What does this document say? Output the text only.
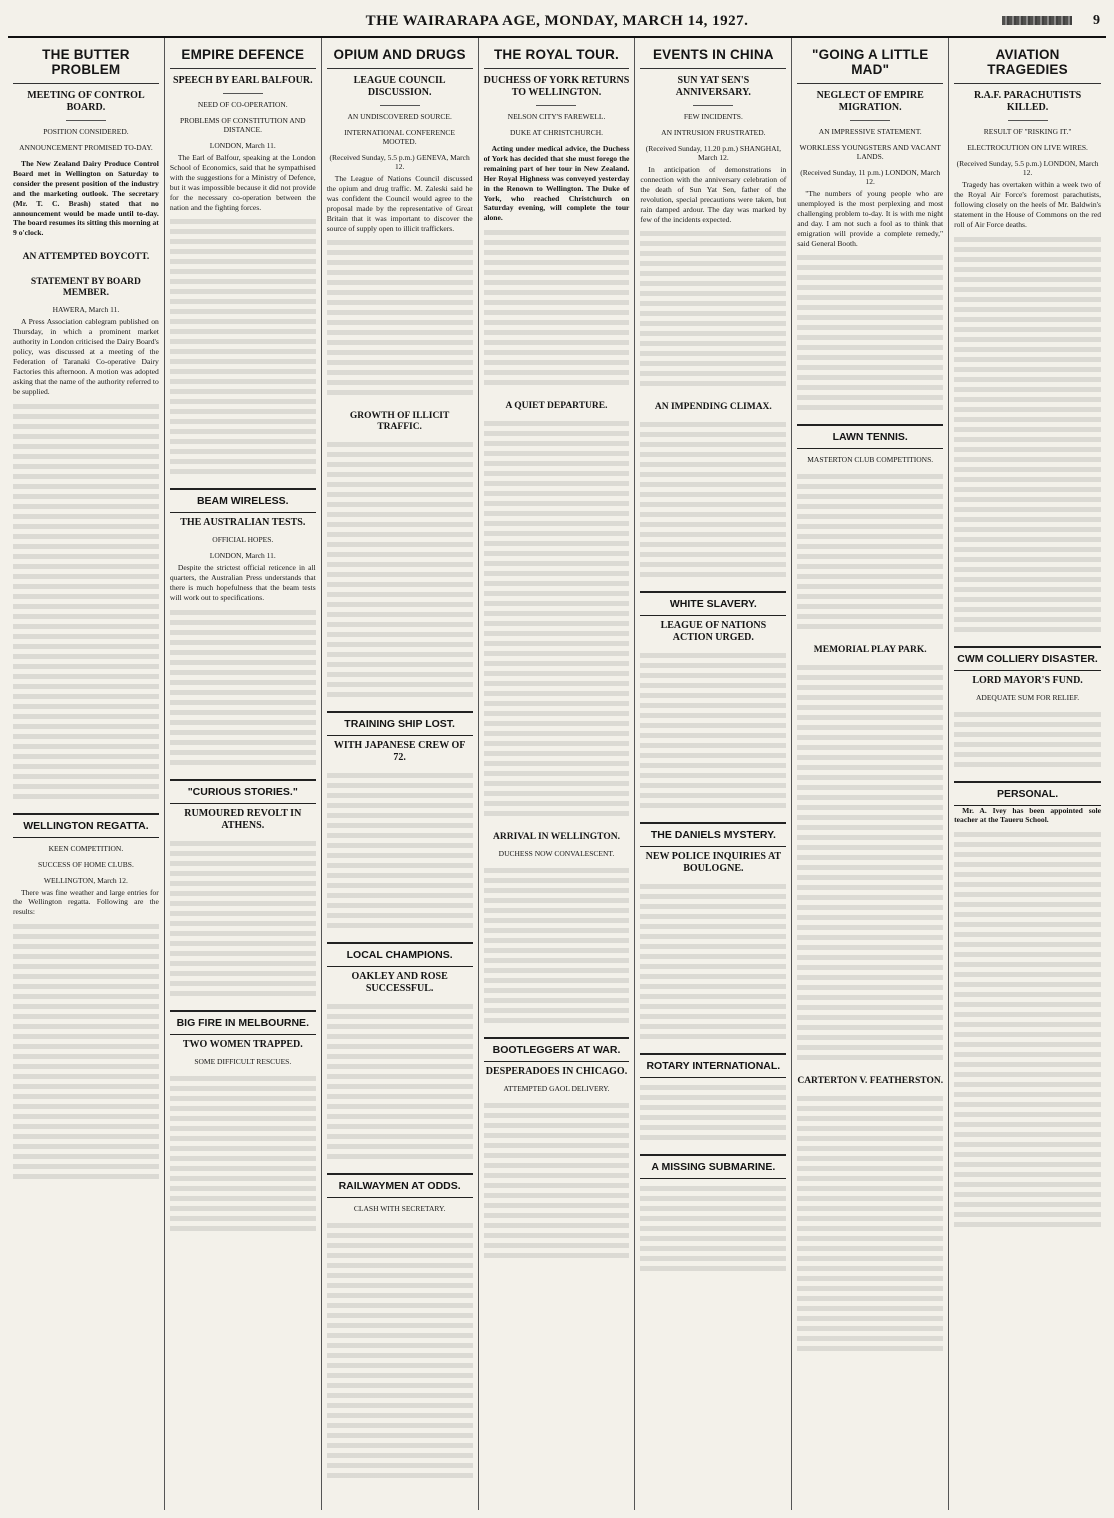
THE WAIRARAPA AGE, MONDAY, MARCH 14, 1927.	9
THE BUTTER PROBLEM
MEETING OF CONTROL BOARD.
POSITION CONSIDERED.
ANNOUNCEMENT PROMISED TO-DAY.
The New Zealand Dairy Produce Control Board met in Wellington on Saturday to consider the present position of the industry and the marketing outlook. The secretary (Mr. T. C. Brash) stated that no announcement would be made until to-day. The board resumes its sitting this morning at 9 o'clock.
AN ATTEMPTED BOYCOTT.
STATEMENT BY BOARD MEMBER.
HAWERA, March 11.
A Press Association cablegram published on Thursday, in which a prominent market authority in London criticised the Dairy Board's policy, was discussed at a meeting of the Federation of Taranaki Co-operative Dairy Factories this afternoon. A motion was adopted asking that the name of the authority referred to be supplied.
WELLINGTON REGATTA.
KEEN COMPETITION.
SUCCESS OF HOME CLUBS.
WELLINGTON, March 12.
There was fine weather and large entries for the Wellington regatta. Following are the results:
EMPIRE DEFENCE
SPEECH BY EARL BALFOUR.
NEED OF CO-OPERATION.
PROBLEMS OF CONSTITUTION AND DISTANCE.
LONDON, March 11.
The Earl of Balfour, speaking at the London School of Economics, said that he sympathised with the suggestions for a Ministry of Defence, but it was impossible because it did not provide for the necessary co-operation between the nation and the fighting forces.
BEAM WIRELESS.
THE AUSTRALIAN TESTS.
OFFICIAL HOPES.
LONDON, March 11.
Despite the strictest official reticence in all quarters, the Australian Press understands that there is much hopefulness that the beam tests will work out to specifications.
"CURIOUS STORIES."
RUMOURED REVOLT IN ATHENS.
BIG FIRE IN MELBOURNE.
TWO WOMEN TRAPPED.
SOME DIFFICULT RESCUES.
OPIUM AND DRUGS
LEAGUE COUNCIL DISCUSSION.
AN UNDISCOVERED SOURCE.
INTERNATIONAL CONFERENCE MOOTED.
(Received Sunday, 5.5 p.m.) GENEVA, March 12.
The League of Nations Council discussed the opium and drug traffic. M. Zaleski said he was confident the Council would agree to the proposal made by the representative of Great Britain that it was important to discover the source of supply open to illicit traffickers.
GROWTH OF ILLICIT TRAFFIC.
TRAINING SHIP LOST.
WITH JAPANESE CREW OF 72.
LOCAL CHAMPIONS.
OAKLEY AND ROSE SUCCESSFUL.
RAILWAYMEN AT ODDS.
CLASH WITH SECRETARY.
THE ROYAL TOUR.
DUCHESS OF YORK RETURNS TO WELLINGTON.
NELSON CITY'S FAREWELL.
DUKE AT CHRISTCHURCH.
Acting under medical advice, the Duchess of York has decided that she must forego the remaining part of her tour in New Zealand. Her Royal Highness was conveyed yesterday in the Renown to Wellington. The Duke of York, who reached Christchurch on Saturday evening, will complete the tour alone.
A QUIET DEPARTURE.
ARRIVAL IN WELLINGTON.
DUCHESS NOW CONVALESCENT.
BOOTLEGGERS AT WAR.
DESPERADOES IN CHICAGO.
ATTEMPTED GAOL DELIVERY.
EVENTS IN CHINA
SUN YAT SEN'S ANNIVERSARY.
FEW INCIDENTS.
AN INTRUSION FRUSTRATED.
(Received Sunday, 11.20 p.m.) SHANGHAI, March 12.
In anticipation of demonstrations in connection with the anniversary celebration of the death of Sun Yat Sen, father of the revolution, special precautions were taken, but rain damped ardour. The day was marked by few of the incidents expected.
AN IMPENDING CLIMAX.
WHITE SLAVERY.
LEAGUE OF NATIONS ACTION URGED.
THE DANIELS MYSTERY.
NEW POLICE INQUIRIES AT BOULOGNE.
ROTARY INTERNATIONAL.
A MISSING SUBMARINE.
"GOING A LITTLE MAD"
NEGLECT OF EMPIRE MIGRATION.
AN IMPRESSIVE STATEMENT.
WORKLESS YOUNGSTERS AND VACANT LANDS.
(Received Sunday, 11 p.m.) LONDON, March 12.
"The numbers of young people who are unemployed is the most perplexing and most challenging problem to-day. It is with me night and day. I am not such a fool as to think that emigration will provide a complete remedy," said General Booth.
LAWN TENNIS.
MASTERTON CLUB COMPETITIONS.
MEMORIAL PLAY PARK.
CARTERTON V. FEATHERSTON.
AVIATION TRAGEDIES
R.A.F. PARACHUTISTS KILLED.
RESULT OF "RISKING IT."
ELECTROCUTION ON LIVE WIRES.
(Received Sunday, 5.5 p.m.) LONDON, March 12.
Tragedy has overtaken within a week two of the Royal Air Force's foremost parachutists, following closely on the heels of Mr. Baldwin's statement in the House of Commons on the red roll of Air Force deaths.
CWM COLLIERY DISASTER.
LORD MAYOR'S FUND.
ADEQUATE SUM FOR RELIEF.
PERSONAL.
Mr. A. Ivey has been appointed sole teacher at the Taueru School.
